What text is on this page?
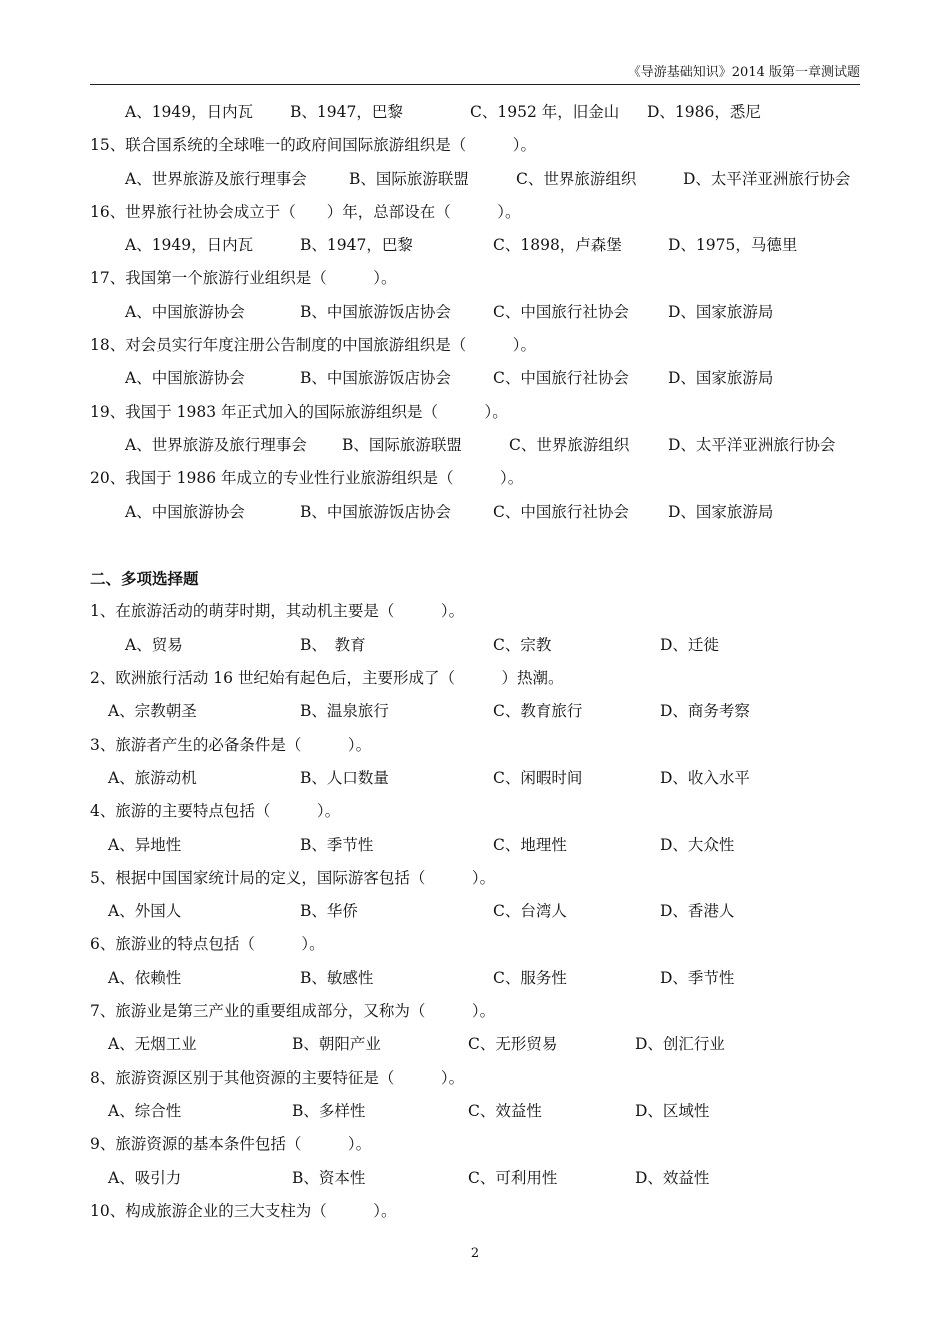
《导游基础知识》2014 版第一章测试题
A、1949，日内瓦 B、1947，巴黎	C、1952 年，旧金山 D、1986，悉尼
15、联合国系统的全球唯一的政府间国际旅游组织是（　　　）。
A、世界旅游及旅行理事会	B、国际旅游联盟	C、世界旅游组织	D、太平洋亚洲旅行协会
16、世界旅行社协会成立于（　　）年，总部设在（　　　）。
A、1949，日内瓦	B、1947，巴黎	C、1898，卢森堡	D、1975，马德里
17、我国第一个旅游行业组织是（　　　）。
A、中国旅游协会	B、中国旅游饭店协会	C、中国旅行社协会	D、国家旅游局
18、对会员实行年度注册公告制度的中国旅游组织是（　　　）。
A、中国旅游协会	B、中国旅游饭店协会	C、中国旅行社协会	D、国家旅游局
19、我国于 1983 年正式加入的国际旅游组织是（　　　）。
A、世界旅游及旅行理事会 B、国际旅游联盟	C、世界旅游组织 D、太平洋亚洲旅行协会
20、我国于 1986 年成立的专业性行业旅游组织是（　　　）。
A、中国旅游协会	B、中国旅游饭店协会	C、中国旅行社协会	D、国家旅游局
二、多项选择题
1、在旅游活动的萌芽时期，其动机主要是（　　　）。
A、贸易	B、　教育	C、宗教	D、迁徙
2、欧洲旅行活动 16 世纪始有起色后，主要形成了（　　　）热潮。
A、宗教朝圣	B、温泉旅行	C、教育旅行	D、商务考察
3、旅游者产生的必备条件是（　　　）。
A、旅游动机	B、人口数量	C、闲暇时间	D、收入水平
4、旅游的主要特点包括（　　　）。
A、异地性	B、季节性	C、地理性	D、大众性
5、根据中国国家统计局的定义，国际游客包括（　　　）。
A、外国人	B、华侨	C、台湾人	D、香港人
6、旅游业的特点包括（　　　）。
A、依赖性	B、敏感性	C、服务性	D、季节性
7、旅游业是第三产业的重要组成部分，又称为（　　　）。
A、无烟工业	B、朝阳产业	C、无形贸易	D、创汇行业
8、旅游资源区别于其他资源的主要特征是（　　　）。
A、综合性	B、多样性	C、效益性	D、区域性
9、旅游资源的基本条件包括（　　　）。
A、吸引力	B、资本性	C、可利用性	D、效益性
10、构成旅游企业的三大支柱为（　　　）。
2
